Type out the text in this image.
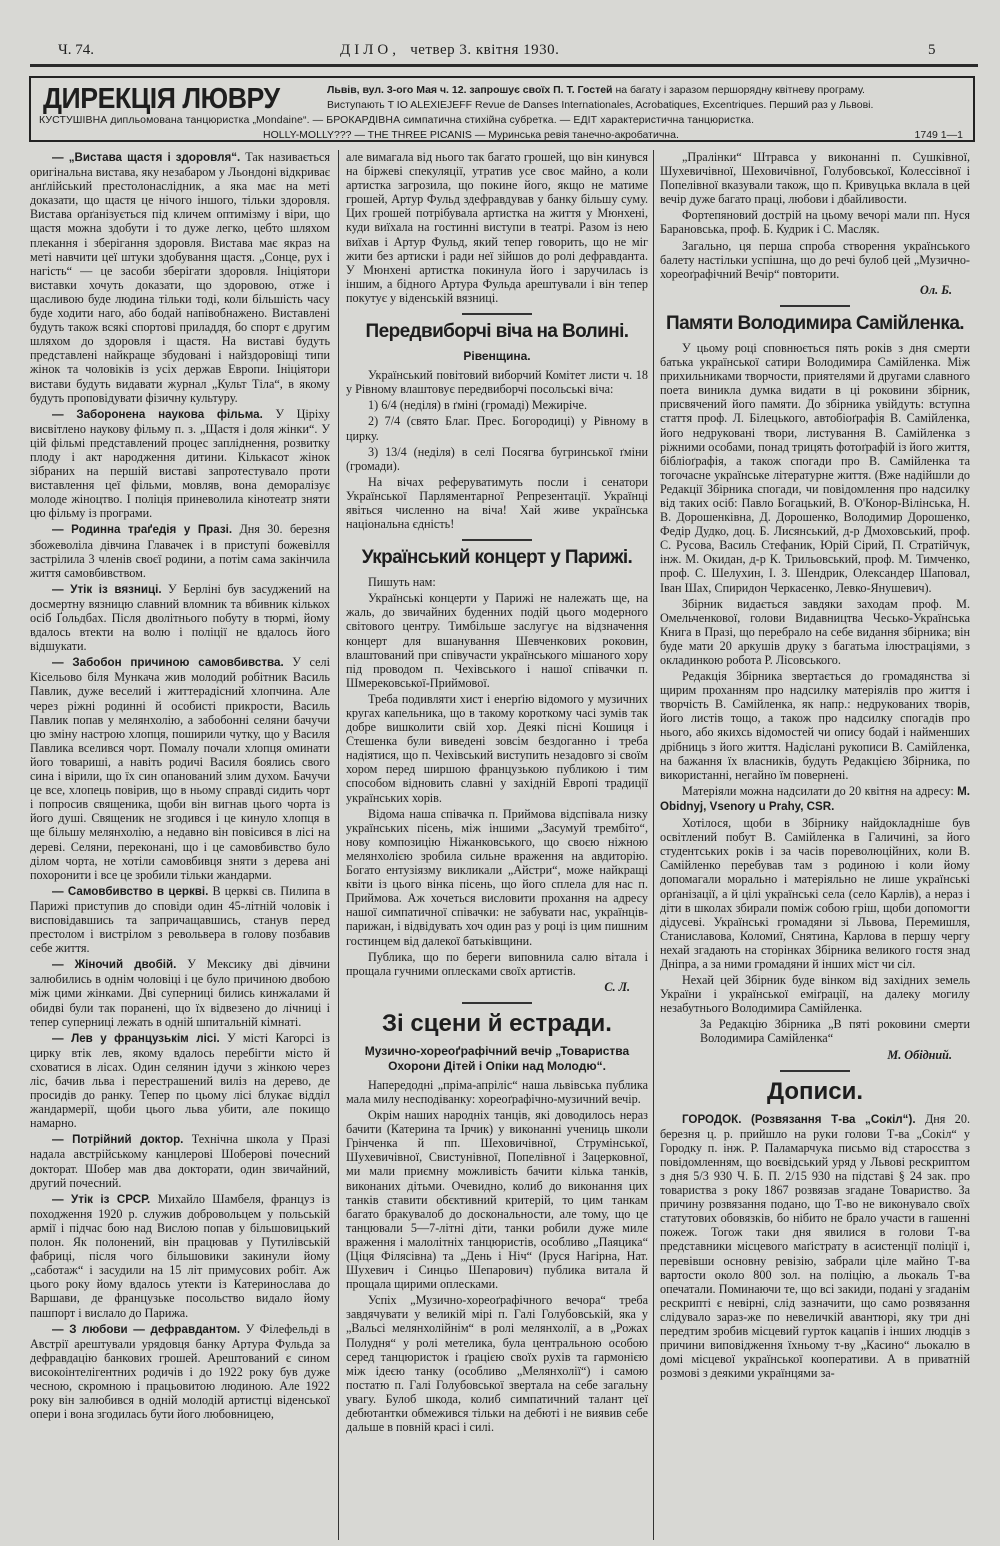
Ч. 74.	ДІЛО, четвер 3. квітня 1930.	5
ДИРЕКЦІЯ ЛЮВРУ	Львів, вул. 3-ого Мая ч. 12. запрошує своїх П. Т. Гостей на багату і заразом першорядну квітневу програму.
Виступають T IO ALEXIEJEFF Revue de Danses Internationales, Acrobatiques, Excentriques. Перший раз у Львові.
КУСТУШІВНА дипльомована танцюристка „Mondaine“. — БРОКАРДІВНА симпатична стихійна субретка. — ЕДІТ характеристична танцюристка.
HOLLY-MOLLY??? — THE THREE PICANIS — Муринська ревія танечно-акробатична.	1749 1—1

— „Вистава щастя і здоровля“. Так називається оригінальна вистава, яку незабаром у Льондоні відкриває анґлійський престолонаслідник, а яка має на меті доказати, що щастя це нічого іншого, тільки здоровля. Вистава орґанізується під кличем оптимізму і віри, що щастя можна здобути і то дуже легко, цебто шляхом плекання і зберігання здоровля. Вистава має якраз на меті навчити цеї штуки здобування щастя. „Сонце, рух і нагість“ — це засоби зберігати здоровля. Ініціятори виставки хочуть доказати, що здоровою, отже і щасливою буде людина тільки тоді, коли більшість часу буде ходити наго, або бодай напівобнажено. Виставлені будуть також всякі спортові приладдя, бо спорт є другим шляхом до здоровля і щастя. На виставі будуть представлені найкраще збудовані і найздоровіщі типи жінок та чоловіків із усіх держав Европи. Ініціятори вистави будуть видавати журнал „Культ Тіла“, в якому будуть проповідувати фізичну культуру.

— Заборонена наукова фільма. У Ціріху висвітлено наукову фільму п. з. „Щастя і доля жінки“. У цій фільмі представлений процес запліднення, розвитку плоду і акт народження дитини. Кількасот жінок зібраних на першій виставі запротестувало проти виставлення цеї фільми, мовляв, вона деморалізує молоде жіноцтво. І поліція приневолила кінотеатр зняти цю фільму із програми.

— Родинна траґедія у Празі. Дня 30. березня збожеволіла дівчина Главачек і в приступі божевілля застрілила 3 членів своєї родини, а потім сама закінчила життя самовбивством.

— Утік із вязниці. У Берліні був засуджений на досмертну вязницю славний вломник та вбивник кількох осіб Ґольдбах. Після дволітнього побуту в тюрмі, йому вдалось втекти на волю і поліції не вдалось його відшукати.

— Забобон причиною самовбивства. У селі Кісельово біля Мункача жив молодий робітник Василь Павлик, дуже веселий і життерадісний хлопчина. Але через ріжні родинні й особисті прикрости, Василь Павлик попав у мелянхолію, а забобонні селяни бачучи цю зміну настрою хлопця, поширили чутку, що у Василя Павлика вселився чорт. Помалу почали хлопця оминати його товариші, а навіть родичі Василя боялись свого сина і вірили, що їх син опанований злим духом. Бачучи це все, хлопець повірив, що в ньому справді сидить чорт і попросив священика, щоби він вигнав цього чорта із його душі. Священик не згодився і це кинуло хлопця в ще більшу мелянхолію, а недавно він повісився в лісі на дереві. Селяни, переконані, що і це самовбивство було ділом чорта, не хотіли самовбивця зняти з дерева ані похоронити і все це зробили тільки жандарми.

— Самовбивство в церкві. В церкві св. Пилипа в Парижі приступив до сповіди один 45-літній чоловік і висповідавшись та запричащавшись, станув перед престолом і вистрілом з револьвера в голову позбавив себе життя.

— Жіночий двобій. У Мексику дві дівчини залюбились в однім чоловіці і це було причиною двобою між цими жінками. Дві суперниці бились кинжалами й обидві були так поранені, що їх відвезено до лічниці і тепер суперниці лежать в одній шпитальній кімнаті.

— Лев у французькім лісі. У місті Кагорсі із цирку втік лев, якому вдалось перебігти місто й сховатися в лісах. Один селянин ідучи з жінкою через ліс, бачив льва і перестрашений виліз на дерево, де просидів до ранку. Тепер по цьому лісі блукає відділ жандармерії, щоби цього льва убити, але покищо намарно.

— Потрійний доктор. Технічна школа у Празі надала австрійському канцлерові Шоберові почесний докторат. Шобер мав два докторати, один звичайний, другий почесний.

— Утік із СРСР. Михайло Шамбеля, француз із походження 1920 р. служив добровольцем у польській армії і підчас бою над Вислою попав у більшовицький полон. Як полонений, він працював у Путилівській фабриці, після чого більшовики закинули йому „саботаж“ і засудили на 15 літ примусових робіт. Аж цього року йому вдалось утекти із Катеринослава до Варшави, де французьке посольство видало йому пашпорт і вислало до Парижа.

— З любови — дефравдантом. У Філефельді в Австрії арештували урядовця банку Артура Фульда за дефравдацію банкових грошей. Арештований є сином високоінтелігентних родичів і до 1922 року був дуже чесною, скромною і працьовитою людиною. Але 1922 року він залюбився в одній молодій артистці віденської опери і вона згодилась бути його любовницею,

але вимагала від нього так багато грошей, що він кинувся на біржеві спекуляції, утратив усе своє майно, а коли артистка загрозила, що покине його, якщо не матиме грошей, Артур Фульд здефравдував у банку більшу суму. Цих грошей потрібувала артистка на життя у Мюнхені, куди виїхала на гостинні виступи в театрі. Разом із нею виїхав і Артур Фульд, який тепер говорить, що не міг жити без артиски і ради неї зійшов до ролі дефравданта. У Мюнхені артистка покинула його і заручилась із іншим, а бідного Артура Фульда арештували і він тепер покутує у віденській вязниці.

Передвиборчі віча на Волині.
Рівенщина.

Український повітовий виборчий Комітет листи ч. 18 у Рівному влаштовує передвиборчі посольські віча:

1) 6/4 (неділя) в ґміні (громаді) Межиріче.

2) 7/4 (свято Благ. Прес. Богородиці) у Рівному в цирку.

3) 13/4 (неділя) в селі Посягва бугринської ґміни (громади).

На вічах реферуватимуть посли і сенатори Української Парляментарної Репрезентації. Українці явіться численно на віча! Хай живе українська національна єдність!

Український концерт у Парижі.

Пишуть нам:

Українські концерти у Парижі не належать ще, на жаль, до звичайних буденних подій цього модерного світового центру. Тимбільше заслугує на відзначення концерт для вшанування Шевченкових роковин, влаштований при співучасти українського мішаного хору під проводом п. Чехівського і нашої співачки п. Шмерековської-Приймової.

Треба подивляти хист і енерґію відомого у музичних кругах капельника, що в такому короткому часі зумів так добре вишколити свій хор. Деякі пісні Кошиця і Стешенка були виведені зовсім бездоганно і треба надіятися, що п. Чехівський виступить незадовго зі своїм хором перед ширшою французькою публикою і тим способом відновить славні у західній Европі традиції українських хорів.

Відома наша співачка п. Приймова відспівала низку українських пісень, між іншими „Засумуй трембіто“, нову композицію Ніжанковського, що своєю ніжною мелянхолією зробила сильне враження на авдиторію. Богато ентузіязму викликали „Айстри“, може найкращі квіти із цього вінка пісень, що його сплела для нас п. Приймова. Аж хочеться висловити прохання на адресу нашої симпатичної співачки: не забувати нас, українців-парижан, і відвідувать хоч один раз у році із цим пишним гостинцем від далекої батьківщини.

Публика, що по береги виповнила салю вітала і прощала гучними оплесками своїх артистів.

С. Л.
Зі сцени й естради.
Музично-хореоґрафічний вечір „Товариства Охорони Дітей і Опіки над Молодю“.

Напередодні „пріма-апріліс“ наша львівська публика мала милу несподіванку: хореоґрафічно-музичний вечір.

Окрім наших народніх танців, які доводилось нераз бачити (Катерина та Ірчик) у виконанні учениць школи Грінченка й пп. Шеховичівної, Струмінської, Шухевичівної, Свистунівної, Попелівної і Зацерковної, ми мали приємну можливість бачити кілька танків, виконаних дітьми. Очевидно, колиб до виконання цих танків ставити обєктивний критерій, то цим танкам багато бракувалоб до доскональности, але тому, що це танцювали 5—7-літні діти, танки робили дуже миле враження і малолітніх танцюристів, особливо „Паяцика“ (Ціця Філясівна) та „День і Ніч“ (Іруся Нагірна, Нат. Шухевич і Синцьо Шепарович) публика витала й прощала щирими оплесками.

Успіх „Музично-хореоґрафічного вечора“ треба завдячувати у великій мірі п. Галі Голубовській, яка у „Вальсі мелянхолійнім“ в ролі мелянхолії, а в „Рожах Полудня“ у ролі метелика, була центральною особою серед танцюристок і ґрацією своїх рухів та гармонією між ідеєю танку (особливо „Мелянхолії“) і самою постатю п. Галі Голубовської звертала на себе загальну увагу. Булоб шкода, колиб симпатичний талант цеї дебютантки обмежився тільки на дебюті і не виявив себе дальше в повній красі і силі.

„Пралінки“ Штравса у виконанні п. Сушківної, Шухевичівної, Шеховичівної, Голубовської, Колессівної і Попелівної вказували також, що п. Кривуцька вклала в цей вечір дуже багато праці, любови і дбайливости.

Фортепяновий дострій на цьому вечорі мали пп. Нуся Барановська, проф. Б. Кудрик і С. Масляк.

Загально, ця перша спроба створення українського балету настільки успішна, що до речі булоб цей „Музично-хореоґрафічний Вечір“ повторити.

Ол. Б.
Памяти Володимира Самійленка.

У цьому році сповнюється пять років з дня смерти батька української сатири Володимира Самійленка. Між прихильниками творчости, приятелями й другами славного поета виникла думка видати в ці роковини збірник, присвячений його памяти. До збірника увійдуть: вступна стаття проф. Л. Білецького, автобіоґрафія В. Самійленка, його недруковані твори, листування В. Самійленка з ріжними особами, понад трицять фотоґрафій із його життя, бібліоґрафія, а також спогади про В. Самійленка та тогочасне українське літературне життя. (Вже надійшли до Редакції Збірника спогади, чи повідомлення про надсилку від таких осіб: Павло Богацький, В. О'Конор-Вілінська, Н. В. Дорошенківна, Д. Дорошенко, Володимир Дорошенко, Федір Дудко, доц. Б. Лисянський, д-р Дмоховський, проф. С. Русова, Василь Стефаник, Юрій Сірий, П. Стратійчук, інж. М. Окидан, д-р К. Трильовський, проф. М. Тимченко, проф. С. Шелухин, І. З. Шендрик, Олександер Шаповал, Іван Шах, Спиридон Черкасенко, Левко-Янушевич).

Збірник видається завдяки заходам проф. М. Омельченкової, голови Видавництва Чесько-Українська Книга в Празі, що перебрало на себе видання збірника; він буде мати 20 аркушів друку з багатьма ілюстраціями, з окладинкою робота Р. Лісовського.

Редакція Збірника звертається до громадянства зі щирим проханням про надсилку матеріялів про життя і творчість В. Самійленка, як напр.: недрукованих творів, його листів тощо, а також про надсилку спогадів про нього, або якихсь відомостей чи опису бодай і найменших дрібниць з його життя. Надіслані рукописи В. Самійленка, на бажання їх власників, будуть Редакцією Збірника, по використанні, негайно їм повернені.

Матеріяли можна надсилати до 20 квітня на адресу: M. Obidnyj, Vsenory u Prahy, CSR.

Хотілося, щоби в Збірнику найдокладніше був освітлений побут В. Самійленка в Галичині, за його студентських років і за часів пореволюційних, коли В. Самійленко перебував там з родиною і коли йому допомагали морально і матеріяльно не лише українські орґанізації, а й цілі українські села (село Карлів), а нераз і діти в школах збирали поміж собою гріш, щоби допомогти дідусеві. Українські громадяни зі Львова, Перемишля, Станиславова, Коломиї, Снятина, Карлова в першу чергу нехай згадають на сторінках Збірника великого гостя знад Дніпра, а за ними громадяни й інших міст чи сіл.

Нехай цей Збірник буде вінком від західних земель України і української еміґрації, на далеку могилу незабутнього Володимира Самійленка.

За Редакцію Збірника „В пяті роковини смерти Володимира Самійленка“

М. Обідний.
Дописи.

ГОРОДОК. (Розвязання Т-ва „Сокіл“). Дня 20. березня ц. р. прийшло на руки голови Т-ва „Сокіл“ у Городку п. інж. Р. Паламарчука письмо від старосства з повідомленням, що воєвідський уряд у Львові рескриптом з дня 5/3 930 Ч. Б. П. 2/15 930 на підставі § 24 зак. про товариства з року 1867 розвязав згадане Товариство. За причину розвязання подано, що Т-во не виконувало своїх статутових обовязків, бо нібито не брало участи в гашенні пожеж. Тогож таки дня явилися в голови Т-ва представники місцевого маґістрату в асистенції поліції і, перевівши основну ревізію, забрали ціле майно Т-ва вартости около 800 зол. на поліцію, а льокаль Т-ва опечатали. Поминаючи те, що всі закиди, подані у згаданім рескрипті є невірні, слід зазначити, що само розвязання слідувало зараз-же по невеличкій авантюрі, яку три дні передтим зробив місцевий гурток кацапів і інших людців з причини виповідження їхньому т-ву „Касино“ льокалю в домі місцевої української кооперативи. А в приватній розмові з деякими українцями за-
